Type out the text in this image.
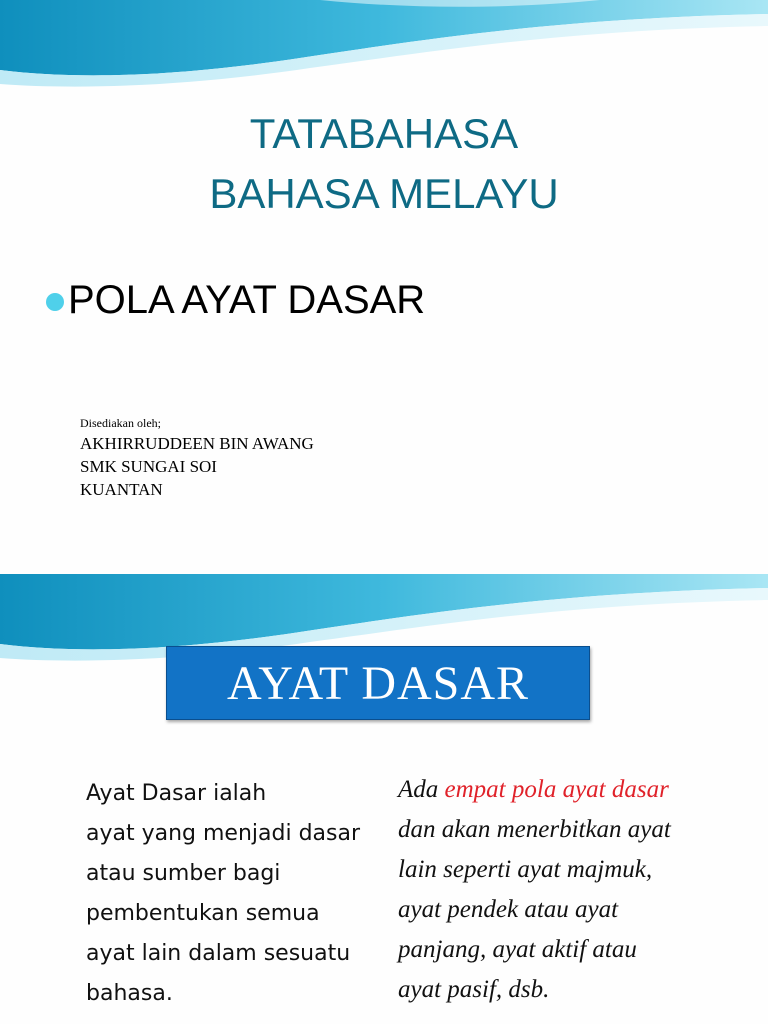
TATABAHASA
BAHASA MELAYU
POLA AYAT DASAR
Disediakan oleh;
AKHIRRUDDEEN BIN AWANG
SMK SUNGAI SOI
KUANTAN
AYAT DASAR
Ayat Dasar ialah
ayat yang menjadi dasar
atau sumber bagi
pembentukan semua
ayat lain dalam sesuatu
bahasa.
Ada empat pola ayat dasar
dan akan menerbitkan ayat
lain seperti ayat majmuk,
ayat pendek atau ayat
panjang, ayat aktif atau
ayat pasif, dsb.
